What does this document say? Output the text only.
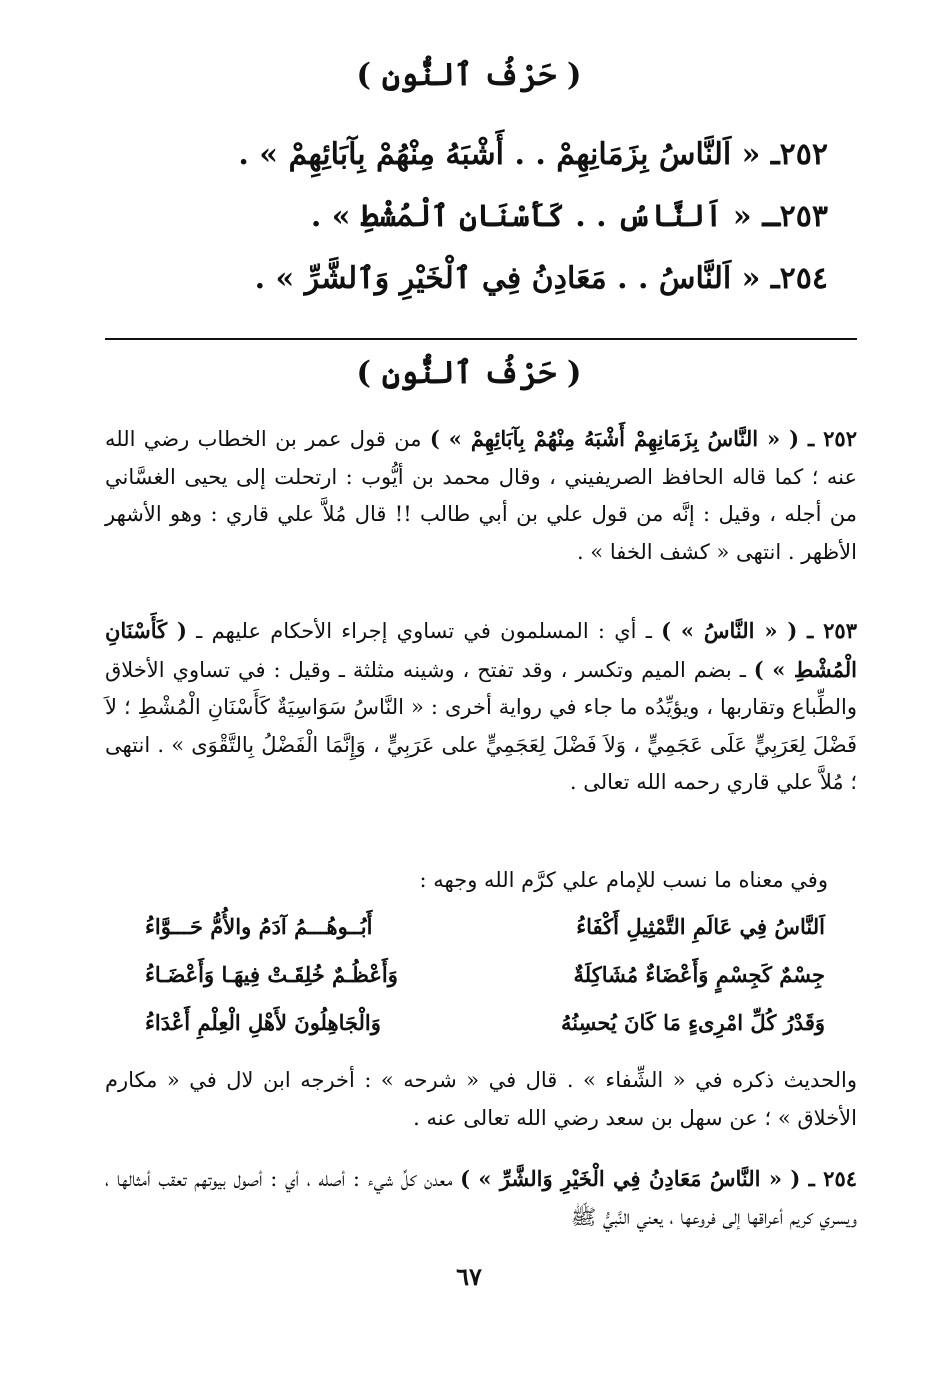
( حَرْفُ ٱلنُّونِ )
٢٥٢ـ « اَلنَّاسُ بِزَمَانِهِمْ . . أَشْبَهُ مِنْهُمْ بِآبَائِهِمْ » .
٢٥٣ـ « اَلنَّاسُ . . كَأَسْنَانِ ٱلْمُشْطِ » .
٢٥٤ـ « اَلنَّاسُ . . مَعَادِنُ فِي ٱلْخَيْرِ وَٱلشَّرِّ » .
( حَرْفُ ٱلنُّونِ )

٢٥٢ ـ ( « النَّاسُ بِزَمَانِهِمْ أَشْبَهُ مِنْهُمْ بِآبَائِهِمْ » ) من قول عمر بن الخطاب رضي الله عنه ؛ كما قاله الحافظ الصريفيني ، وقال محمد بن أيُّوب : ارتحلت إلى يحيى الغسَّاني من أجله ، وقيل : إنَّه من قول علي بن أبي طالب !! قال مُلاَّ علي قاري : وهو الأشهر الأظهر . انتهى « كشف الخفا » .

٢٥٣ ـ ( « النَّاسُ » ) ـ أي : المسلمون في تساوي إجراء الأحكام عليهم ـ ( كَأَسْنَانِ الْمُشْطِ » ) ـ بضم الميم وتكسر ، وقد تفتح ، وشينه مثلثة ـ وقيل : في تساوي الأخلاق والطِّباع وتقاربها ، ويؤيِّدُه ما جاء في رواية أخرى : « النَّاسُ سَوَاسِيَةٌ كَأَسْنَانِ الْمُشْطِ ؛ لاَ فَضْلَ لِعَرَبِيٍّ عَلَى عَجَمِيٍّ ، وَلاَ فَضْلَ لِعَجَمِيٍّ على عَرَبِيٍّ ، وَإِنَّمَا الْفَضْلُ بِالتَّقْوَى » . انتهى ؛ مُلاَّ علي قاري رحمه الله تعالى .

وفي معناه ما نسب للإمام علي كرَّم الله وجهه :
اَلنَّاسُ فِي عَالَمِ التَّمْثِيلِ أَكْفَاءُ
أَبُــوهُـــمُ آدَمُ والأُمُّ حَـــوَّاءُ
جِسْمٌ كَجِسْمٍ وَأَعْضَاءٌ مُشَاكِلَةٌ
وَأَعْظُـمٌ خُلِقَـتْ فِيهَـا وَأَعْضَـاءُ
وَقَدْرُ كُلِّ امْرِىءٍ مَا كَانَ يُحسِنُهُ
وَالْجَاهِلُونَ لأَهْلِ الْعِلْمِ أَعْدَاءُ

والحديث ذكره في « الشِّفاء » . قال في « شرحه » : أخرجه ابن لال في « مكارم الأخلاق » ؛ عن سهل بن سعد رضي الله تعالى عنه .

٢٥٤ ـ ( « النَّاسُ مَعَادِنُ فِي الْخَيْرِ وَالشَّرِّ » ) معدن كلِّ شيء : أصله ، أي : أصول بيوتهم تعقب أمثالها ، ويسري كريم أعراقها إلى فروعها ، يعني النَّبيُّ ﷺ

٦٧
